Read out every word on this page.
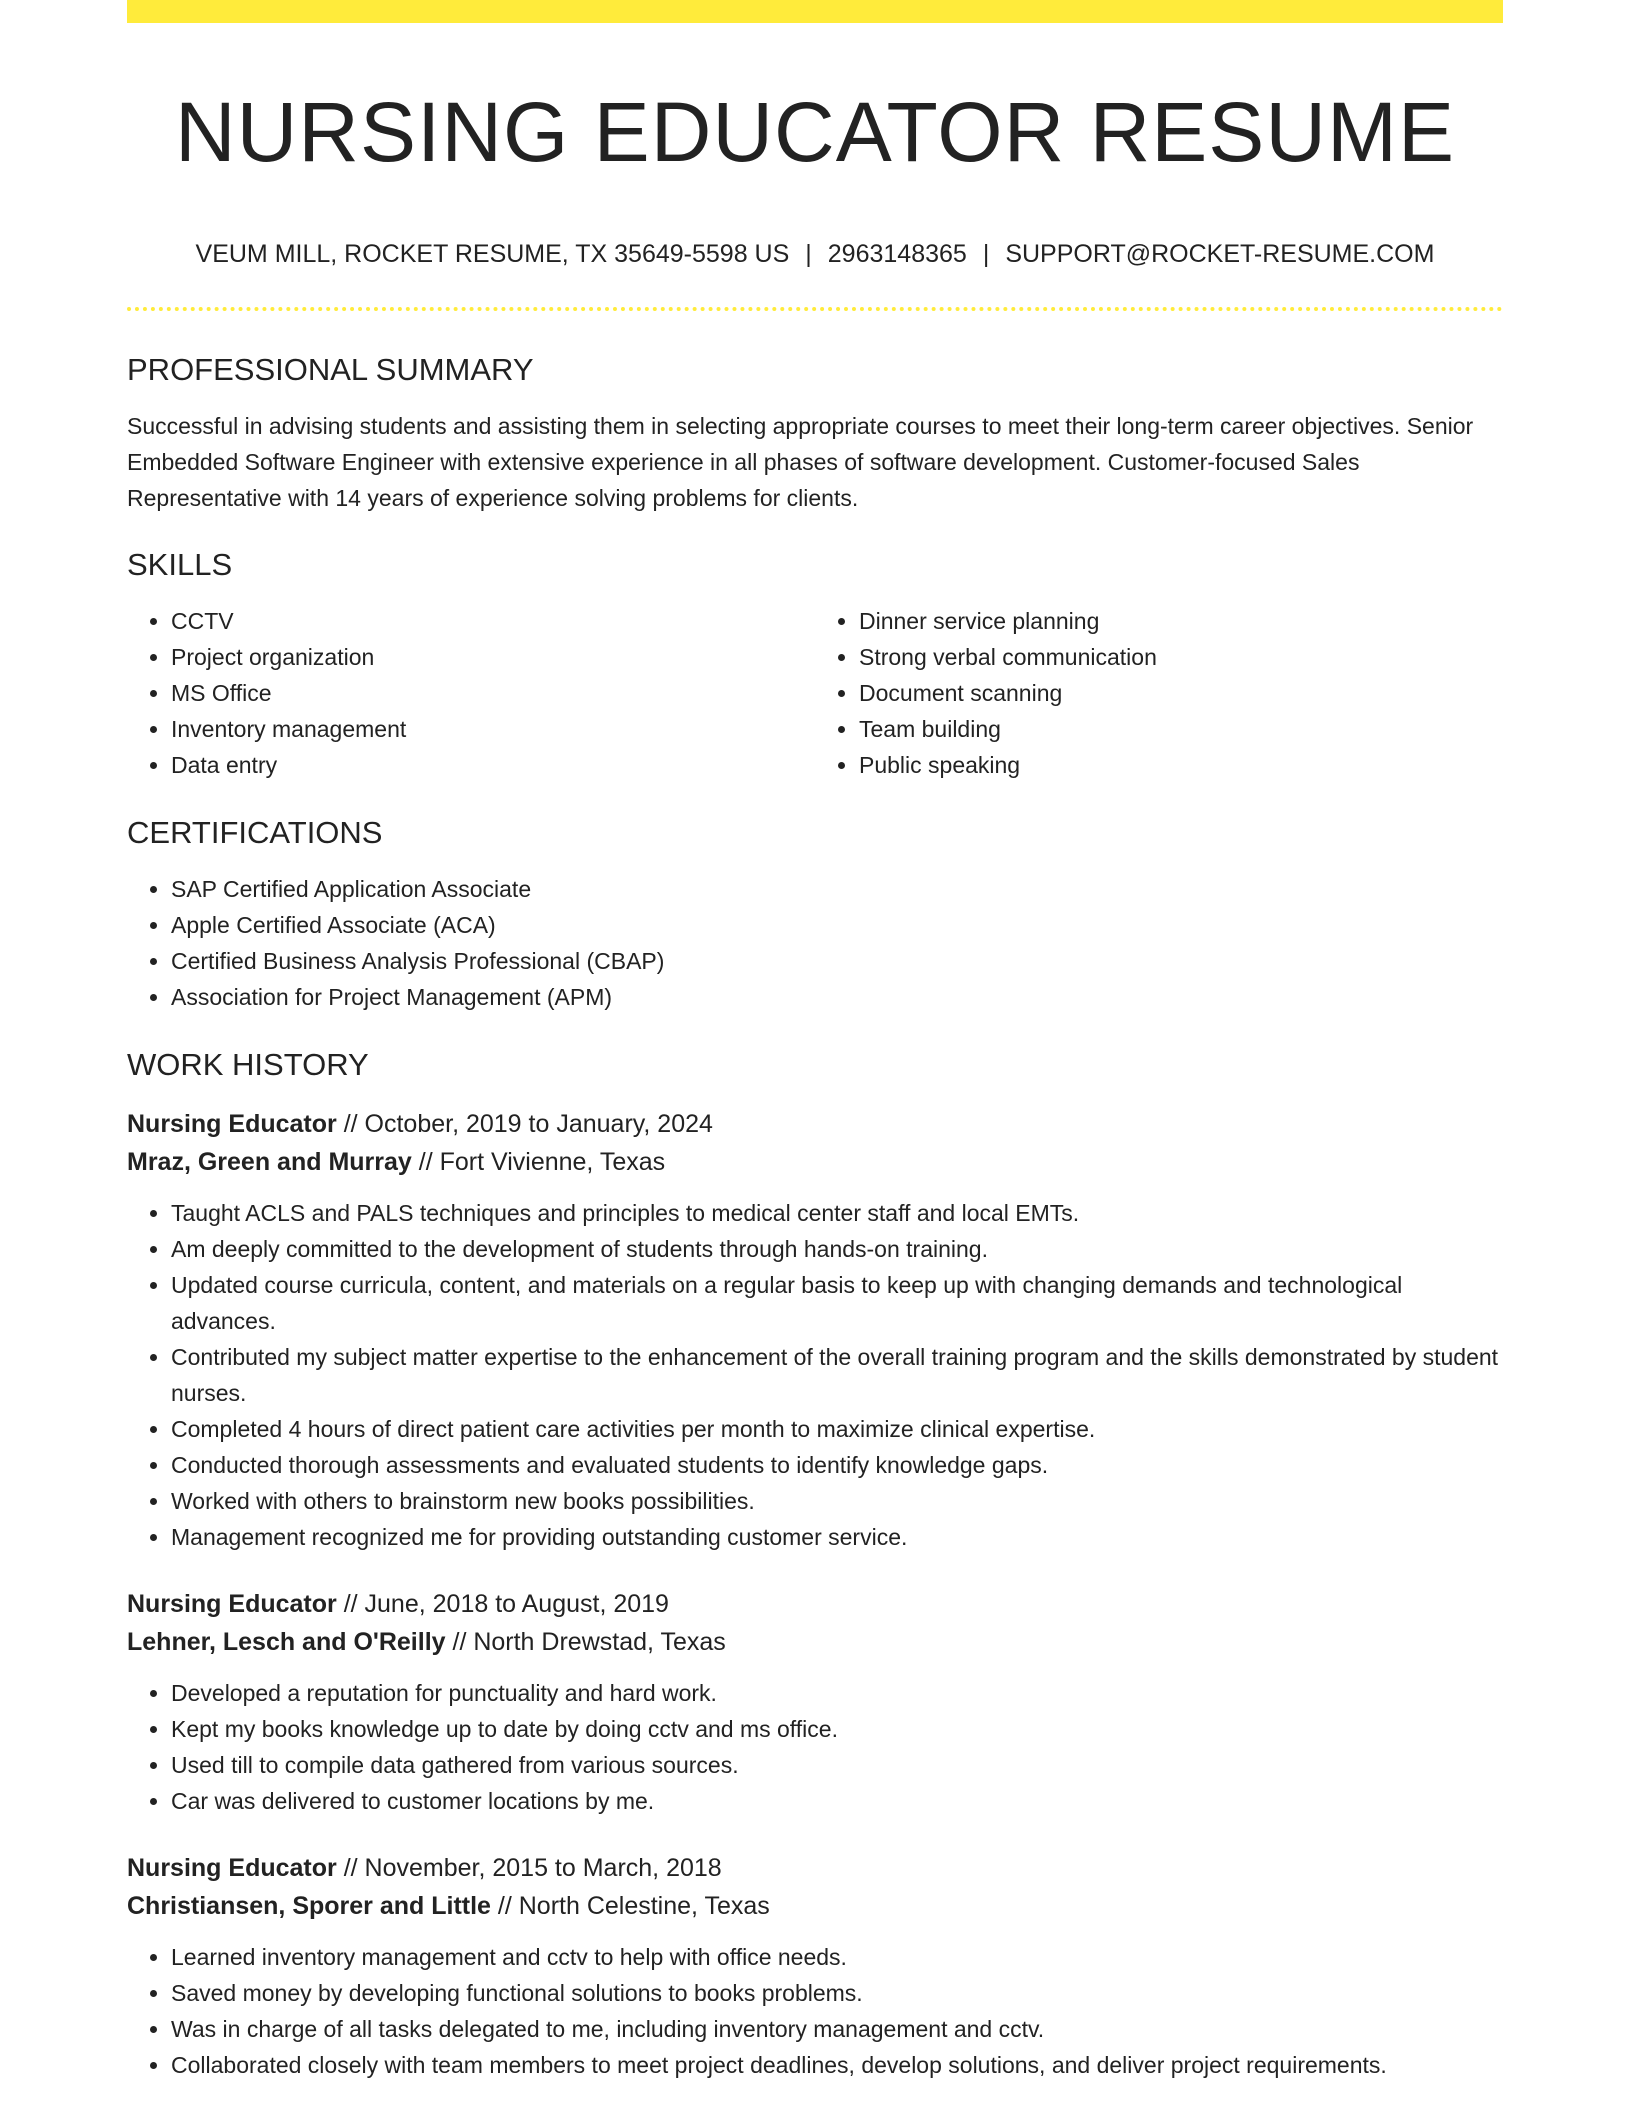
NURSING EDUCATOR RESUME
VEUM MILL, ROCKET RESUME, TX 35649-5598 US | 2963148365 | SUPPORT@ROCKET-RESUME.COM
PROFESSIONAL SUMMARY

Successful in advising students and assisting them in selecting appropriate courses to meet their long-term career objectives. Senior Embedded Software Engineer with extensive experience in all phases of software development. Customer-focused Sales Representative with 14 years of experience solving problems for clients.

SKILLS
• CCTV
• Project organization
• MS Office
• Inventory management
• Data entry
• Dinner service planning
• Strong verbal communication
• Document scanning
• Team building
• Public speaking
CERTIFICATIONS
• SAP Certified Application Associate
• Apple Certified Associate (ACA)
• Certified Business Analysis Professional (CBAP)
• Association for Project Management (APM)
WORK HISTORY
Nursing Educator // October, 2019 to January, 2024
Mraz, Green and Murray // Fort Vivienne, Texas
• Taught ACLS and PALS techniques and principles to medical center staff and local EMTs.
• Am deeply committed to the development of students through hands-on training.
• Updated course curricula, content, and materials on a regular basis to keep up with changing demands and technological advances.
• Contributed my subject matter expertise to the enhancement of the overall training program and the skills demonstrated by student nurses.
• Completed 4 hours of direct patient care activities per month to maximize clinical expertise.
• Conducted thorough assessments and evaluated students to identify knowledge gaps.
• Worked with others to brainstorm new books possibilities.
• Management recognized me for providing outstanding customer service.
Nursing Educator // June, 2018 to August, 2019
Lehner, Lesch and O'Reilly // North Drewstad, Texas
• Developed a reputation for punctuality and hard work.
• Kept my books knowledge up to date by doing cctv and ms office.
• Used till to compile data gathered from various sources.
• Car was delivered to customer locations by me.
Nursing Educator // November, 2015 to March, 2018
Christiansen, Sporer and Little // North Celestine, Texas
• Learned inventory management and cctv to help with office needs.
• Saved money by developing functional solutions to books problems.
• Was in charge of all tasks delegated to me, including inventory management and cctv.
• Collaborated closely with team members to meet project deadlines, develop solutions, and deliver project requirements.
